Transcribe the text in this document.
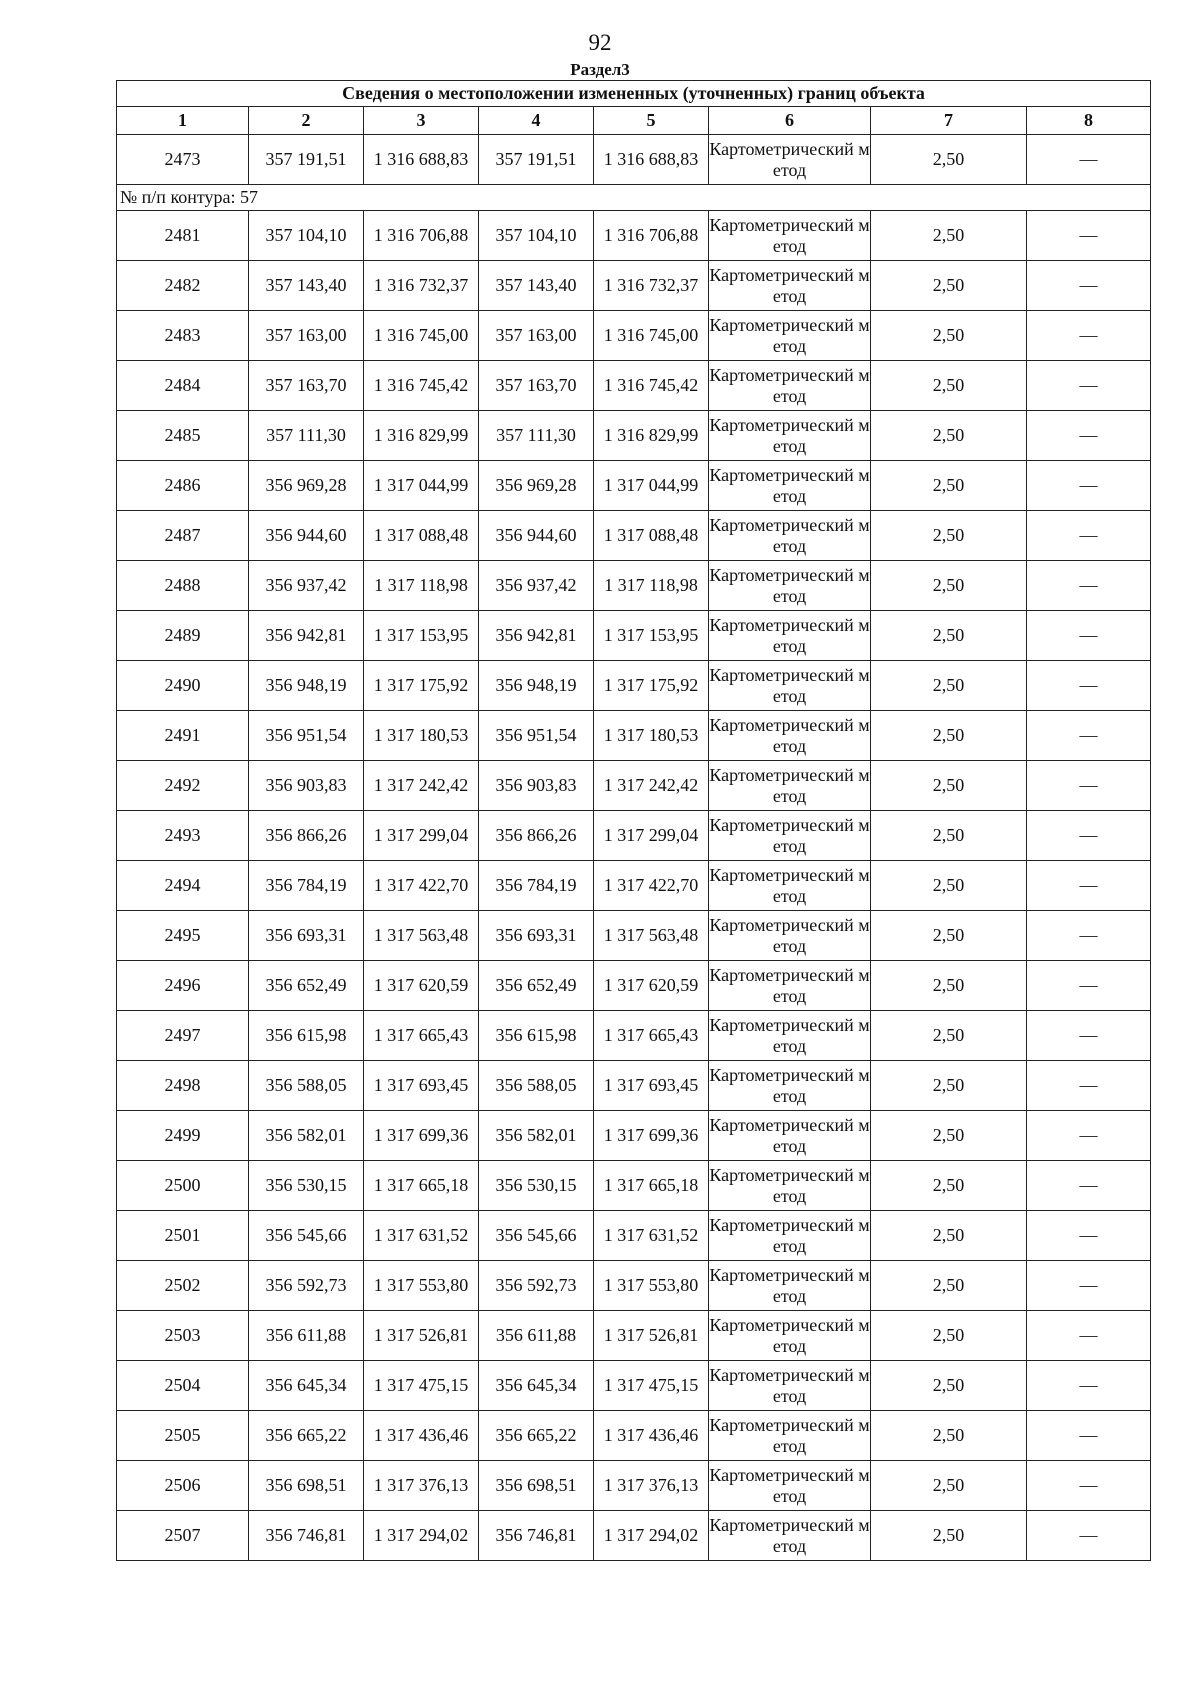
92
Раздел3
Сведения о местоположении измененных (уточненных) границ объекта							
1	2	3	4	5	6	7	8
2473	357 191,51	1 316 688,83	357 191,51	1 316 688,83	Картометрический метод	2,50	—
№ п/п контура: 57							
2481	357 104,10	1 316 706,88	357 104,10	1 316 706,88	Картометрический метод	2,50	—
2482	357 143,40	1 316 732,37	357 143,40	1 316 732,37	Картометрический метод	2,50	—
2483	357 163,00	1 316 745,00	357 163,00	1 316 745,00	Картометрический метод	2,50	—
2484	357 163,70	1 316 745,42	357 163,70	1 316 745,42	Картометрический метод	2,50	—
2485	357 111,30	1 316 829,99	357 111,30	1 316 829,99	Картометрический метод	2,50	—
2486	356 969,28	1 317 044,99	356 969,28	1 317 044,99	Картометрический метод	2,50	—
2487	356 944,60	1 317 088,48	356 944,60	1 317 088,48	Картометрический метод	2,50	—
2488	356 937,42	1 317 118,98	356 937,42	1 317 118,98	Картометрический метод	2,50	—
2489	356 942,81	1 317 153,95	356 942,81	1 317 153,95	Картометрический метод	2,50	—
2490	356 948,19	1 317 175,92	356 948,19	1 317 175,92	Картометрический метод	2,50	—
2491	356 951,54	1 317 180,53	356 951,54	1 317 180,53	Картометрический метод	2,50	—
2492	356 903,83	1 317 242,42	356 903,83	1 317 242,42	Картометрический метод	2,50	—
2493	356 866,26	1 317 299,04	356 866,26	1 317 299,04	Картометрический метод	2,50	—
2494	356 784,19	1 317 422,70	356 784,19	1 317 422,70	Картометрический метод	2,50	—
2495	356 693,31	1 317 563,48	356 693,31	1 317 563,48	Картометрический метод	2,50	—
2496	356 652,49	1 317 620,59	356 652,49	1 317 620,59	Картометрический метод	2,50	—
2497	356 615,98	1 317 665,43	356 615,98	1 317 665,43	Картометрический метод	2,50	—
2498	356 588,05	1 317 693,45	356 588,05	1 317 693,45	Картометрический метод	2,50	—
2499	356 582,01	1 317 699,36	356 582,01	1 317 699,36	Картометрический метод	2,50	—
2500	356 530,15	1 317 665,18	356 530,15	1 317 665,18	Картометрический метод	2,50	—
2501	356 545,66	1 317 631,52	356 545,66	1 317 631,52	Картометрический метод	2,50	—
2502	356 592,73	1 317 553,80	356 592,73	1 317 553,80	Картометрический метод	2,50	—
2503	356 611,88	1 317 526,81	356 611,88	1 317 526,81	Картометрический метод	2,50	—
2504	356 645,34	1 317 475,15	356 645,34	1 317 475,15	Картометрический метод	2,50	—
2505	356 665,22	1 317 436,46	356 665,22	1 317 436,46	Картометрический метод	2,50	—
2506	356 698,51	1 317 376,13	356 698,51	1 317 376,13	Картометрический метод	2,50	—
2507	356 746,81	1 317 294,02	356 746,81	1 317 294,02	Картометрический метод	2,50	—
